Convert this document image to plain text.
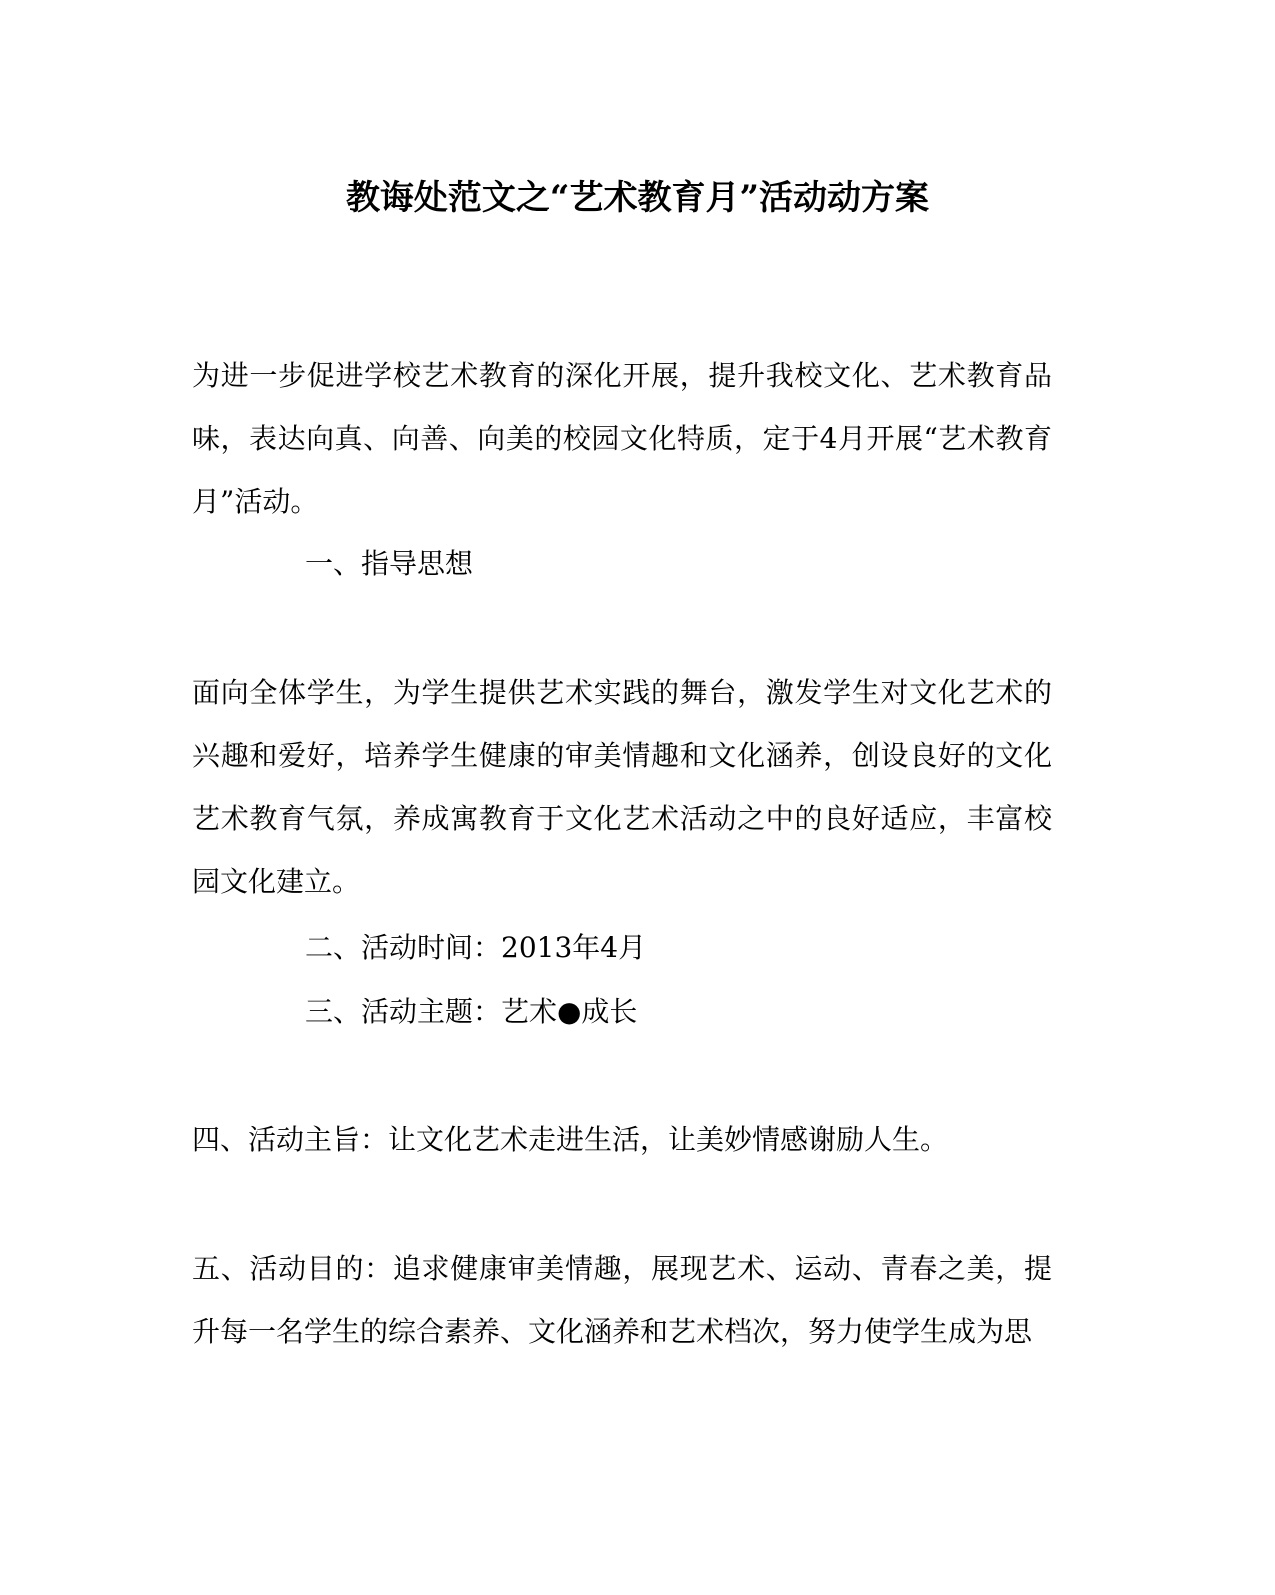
教诲处范文之“艺术教育月”活动动方案

为进一步促进学校艺术教育的深化开展，提升我校文化、艺术教育品味，表达向真、向善、向美的校园文化特质，定于4月开展“艺术教育月”活动。

一、指导思想

面向全体学生，为学生提供艺术实践的舞台，激发学生对文化艺术的兴趣和爱好，培养学生健康的审美情趣和文化涵养，创设良好的文化艺术教育气氛，养成寓教育于文化艺术活动之中的良好适应，丰富校园文化建立。

二、活动时间：2013年4月

三、活动主题：艺术●成长

四、活动主旨：让文化艺术走进生活，让美妙情感谢励人生。

五、活动目的：追求健康审美情趣，展现艺术、运动、青春之美，提升每一名学生的综合素养、文化涵养和艺术档次，努力使学生成为思
